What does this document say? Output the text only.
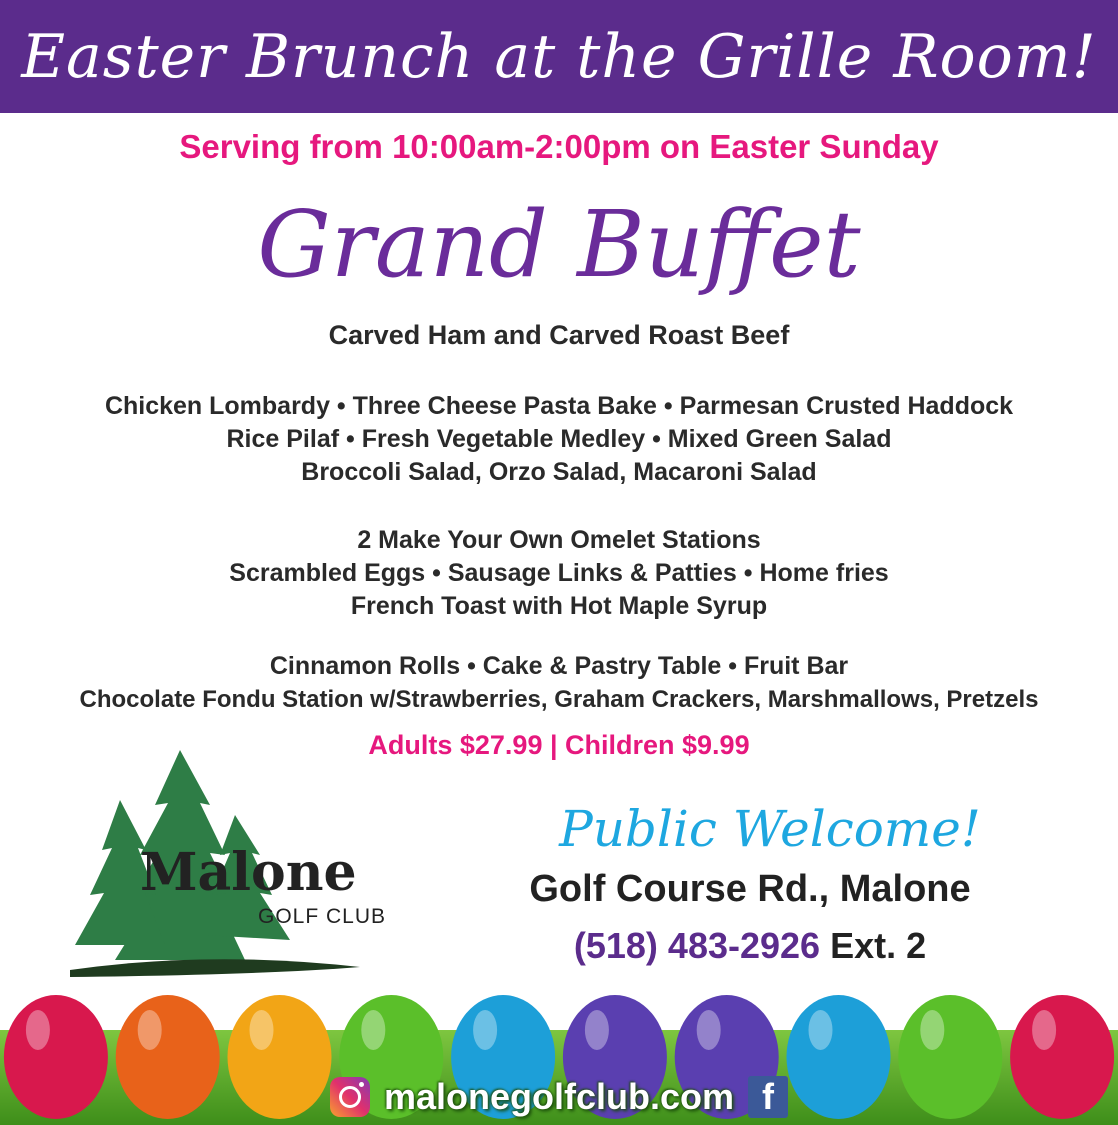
Easter Brunch at the Grille Room!
Serving from 10:00am-2:00pm on Easter Sunday
Grand Buffet
Carved Ham and Carved Roast Beef
Chicken Lombardy • Three Cheese Pasta Bake • Parmesan Crusted Haddock
Rice Pilaf • Fresh Vegetable Medley • Mixed Green Salad
Broccoli Salad, Orzo Salad, Macaroni Salad
2 Make Your Own Omelet Stations
Scrambled Eggs • Sausage Links & Patties • Home fries
French Toast with Hot Maple Syrup
Cinnamon Rolls • Cake & Pastry Table • Fruit Bar
Chocolate Fondu Station w/Strawberries, Graham Crackers, Marshmallows, Pretzels
Adults $27.99 | Children $9.99
Malone
GOLF CLUB
Public Welcome!
Golf Course Rd., Malone
(518) 483-2926 Ext. 2
malonegolfclub.com f
